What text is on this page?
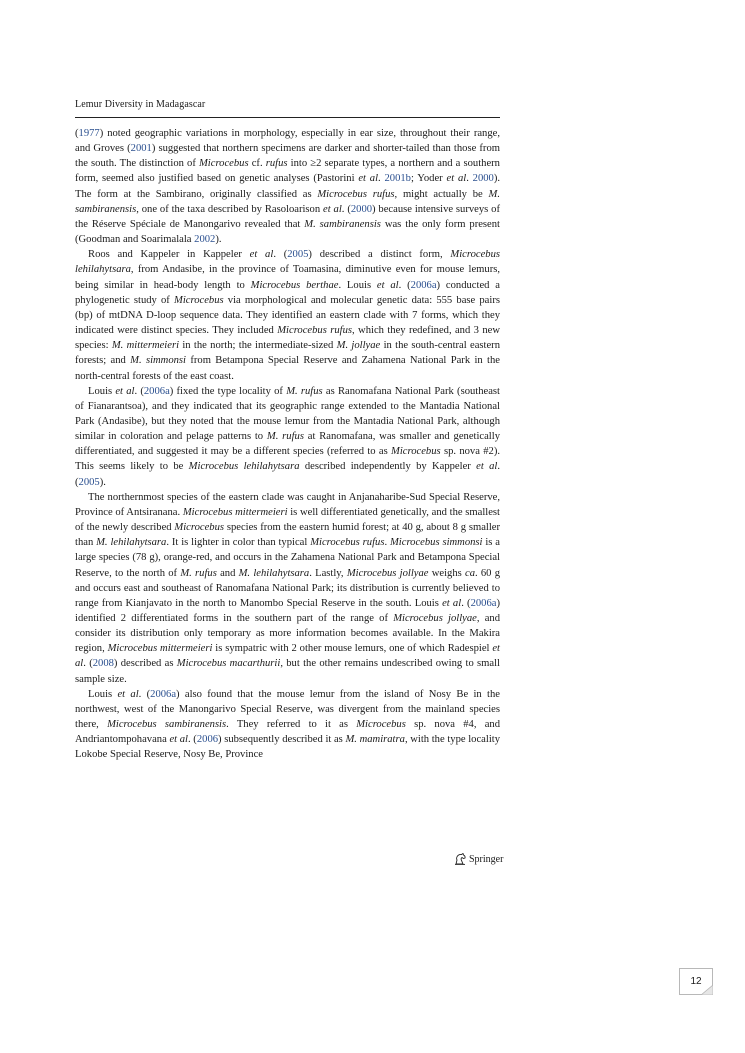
Lemur Diversity in Madagascar

(1977) noted geographic variations in morphology, especially in ear size, throughout their range, and Groves (2001) suggested that northern specimens are darker and shorter-tailed than those from the south. The distinction of Microcebus cf. rufus into ≥2 separate types, a northern and a southern form, seemed also justified based on genetic analyses (Pastorini et al. 2001b; Yoder et al. 2000). The form at the Sambirano, originally classified as Microcebus rufus, might actually be M. sambiranensis, one of the taxa described by Rasoloarison et al. (2000) because intensive surveys of the Réserve Spéciale de Manongarivo revealed that M. sambiranensis was the only form present (Goodman and Soarimalala 2002).

Roos and Kappeler in Kappeler et al. (2005) described a distinct form, Microcebus lehilahytsara, from Andasibe, in the province of Toamasina, diminutive even for mouse lemurs, being similar in head-body length to Microcebus berthae. Louis et al. (2006a) conducted a phylogenetic study of Microcebus via morphological and molecular genetic data: 555 base pairs (bp) of mtDNA D-loop sequence data. They identified an eastern clade with 7 forms, which they indicated were distinct species. They included Microcebus rufus, which they redefined, and 3 new species: M. mittermeieri in the north; the intermediate-sized M. jollyae in the south-central eastern forests; and M. simmonsi from Betampona Special Reserve and Zahamena National Park in the north-central forests of the east coast.

Louis et al. (2006a) fixed the type locality of M. rufus as Ranomafana National Park (southeast of Fianarantsoa), and they indicated that its geographic range extended to the Mantadia National Park (Andasibe), but they noted that the mouse lemur from the Mantadia National Park, although similar in coloration and pelage patterns to M. rufus at Ranomafana, was smaller and genetically differentiated, and suggested it may be a different species (referred to as Microcebus sp. nova #2). This seems likely to be Microcebus lehilahytsara described independently by Kappeler et al. (2005).

The northernmost species of the eastern clade was caught in Anjanaharibe-Sud Special Reserve, Province of Antsiranana. Microcebus mittermeieri is well differentiated genetically, and the smallest of the newly described Microcebus species from the eastern humid forest; at 40 g, about 8 g smaller than M. lehilahytsara. It is lighter in color than typical Microcebus rufus. Microcebus simmonsi is a large species (78 g), orange-red, and occurs in the Zahamena National Park and Betampona Special Reserve, to the north of M. rufus and M. lehilahytsara. Lastly, Microcebus jollyae weighs ca. 60 g and occurs east and southeast of Ranomafana National Park; its distribution is currently believed to range from Kianjavato in the north to Manombo Special Reserve in the south. Louis et al. (2006a) identified 2 differentiated forms in the southern part of the range of Microcebus jollyae, and consider its distribution only temporary as more information becomes available. In the Makira region, Microcebus mittermeieri is sympatric with 2 other mouse lemurs, one of which Radespiel et al. (2008) described as Microcebus macarthurii, but the other remains undescribed owing to small sample size.

Louis et al. (2006a) also found that the mouse lemur from the island of Nosy Be in the northwest, west of the Manongarivo Special Reserve, was divergent from the mainland species there, Microcebus sambiranensis. They referred to it as Microcebus sp. nova #4, and Andriantompohavana et al. (2006) subsequently described it as M. mamiratra, with the type locality Lokobe Special Reserve, Nosy Be, Province

Springer
12
